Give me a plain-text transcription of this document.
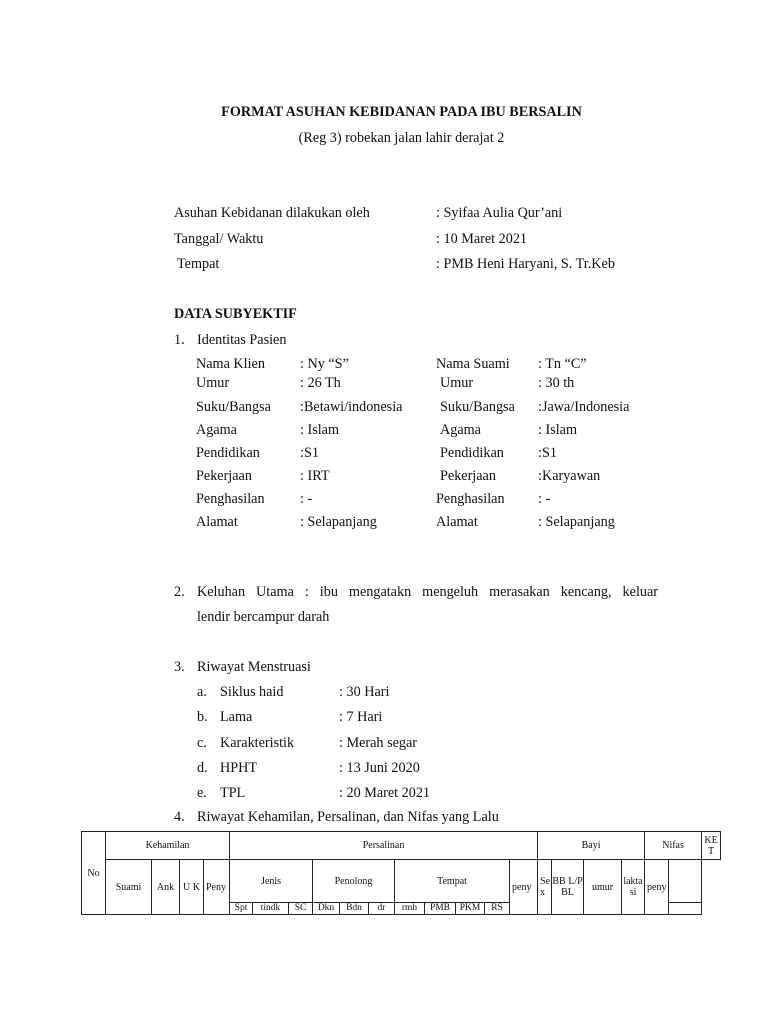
FORMAT ASUHAN KEBIDANAN PADA IBU BERSALIN
(Reg 3) robekan jalan lahir derajat 2
Asuhan Kebidanan dilakukan oleh	: Syifaa Aulia Qur’ani
Tanggal/ Waktu	: 10 Maret 2021
Tempat	: PMB Heni Haryani, S. Tr.Keb
DATA SUBYEKTIF
1. Identitas Pasien
Nama Klien : Ny “S”	Nama Suami : Tn “C”
Umur	: 26 Th	Umur	: 30 th
Suku/Bangsa :Betawi/indonesia	Suku/Bangsa :Jawa/Indonesia
Agama	: Islam	Agama	: Islam
Pendidikan	:S1	Pendidikan :S1
Pekerjaan	: IRT	Pekerjaan	:Karyawan
Penghasilan : -	Penghasilan : -
Alamat	: Selapanjang	Alamat	: Selapanjang
2. Keluhan Utama : ibu mengatakn mengeluh merasakan kencang, keluar
lendir bercampur darah
3. Riwayat Menstruasi
a. Siklus haid	: 30 Hari
b. Lama	: 7 Hari
c. Karakteristik	: Merah segar
d. HPHT	: 13 Juni 2020
e. TPL	: 20 Maret 2021
4. Riwayat Kehamilan, Persalinan, dan Nifas yang Lalu
No	Kehamilan				Persalinan											Bayi				Nifas		KE T
	Suami	Ank	U K	Peny	Jenis			Penolong			Tempat				peny	Se x	BB L/P BL	umur	lakta si	peny		
					Spt	tindk	SC	Dkn	Bdn	dr	rmh	PMB	PKM	RS								
